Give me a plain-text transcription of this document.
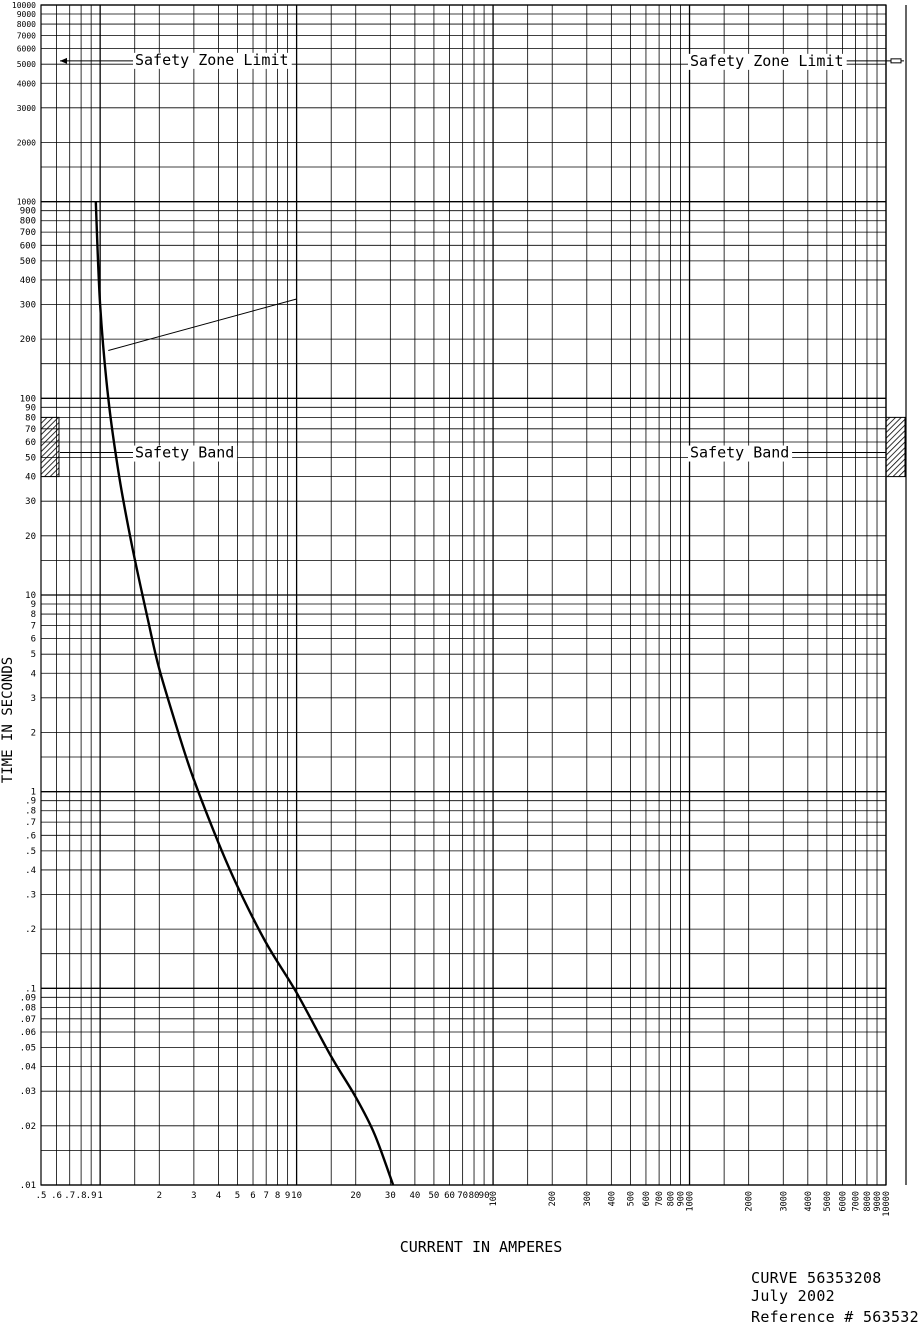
Safety Zone Limit	Safety Zone Limit
Safety Band	Safety Band
.5 .6 .7 .8 .9 1	2	3 4 5 6 7 8 9 10	20	30 40 50 60 70 80 90 100	200	300 400 500 600 700 800 900
1000	2000	3000 4000 5000 6000 7000 8000 9000
10000
.01
.02
.03
.04
.05
.06
.07
.08
.09
.1
.2
.3
.4
.5
.6
.7
.8
.9
1
2
3
4
5
6
7
8
9
10
20
30
40
50
60
70
80
90
100
200
300
400
500
600
700
800
900
1000
2000
3000
4000
5000
6000
7000
8000
9000
10000
CURRENT IN AMPERES
TIME IN SECONDS
CURVE 56353208
July 2002
Reference # 563532
